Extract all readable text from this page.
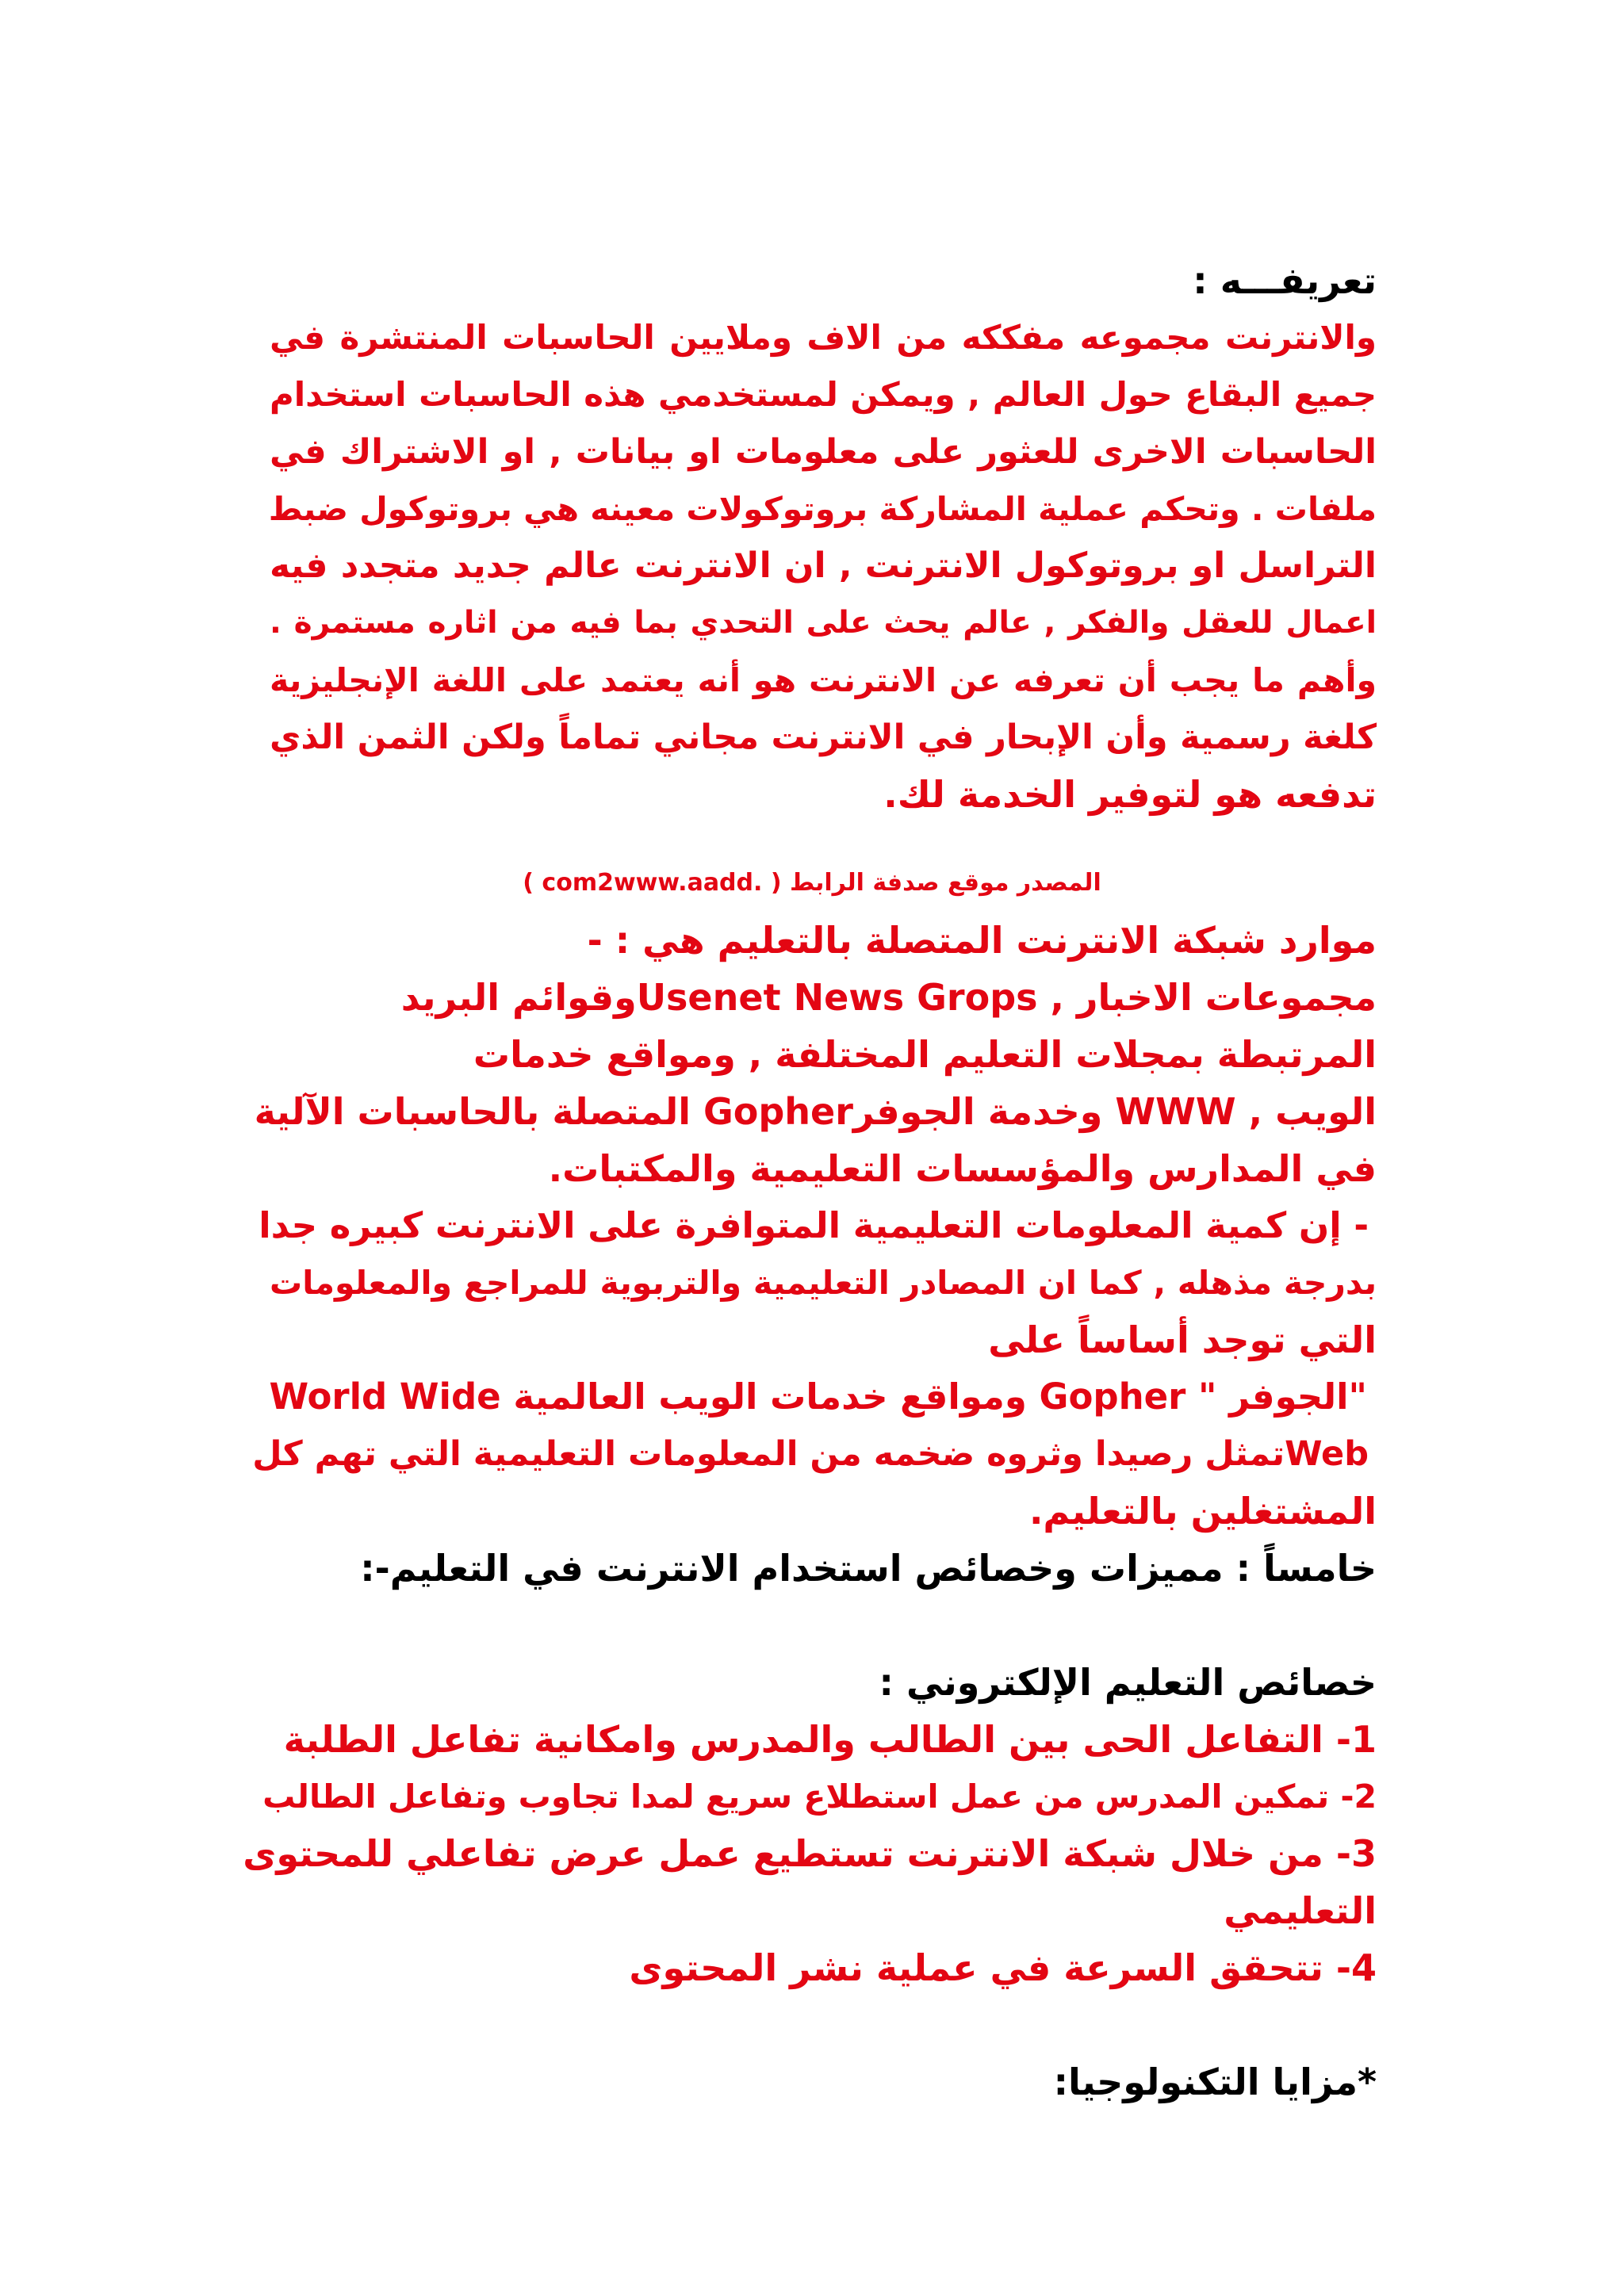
تعريفـــه :
والانترنت مجموعه مفككه من الاف وملايين الحاسبات المنتشرة في
جميع البقاع حول العالم , ويمكن لمستخدمي هذه الحاسبات استخدام
الحاسبات الاخرى للعثور على معلومات او بيانات , او الاشتراك في
ملفات . وتحكم عملية المشاركة بروتوكولات معينه هي بروتوكول ضبط
التراسل او بروتوكول الانترنت , ان الانترنت عالم جديد متجدد فيه
اعمال للعقل والفكر , عالم يحث على التحدي بما فيه من اثاره مستمرة .
وأهم ما يجب أن تعرفه عن الانترنت هو أنه يعتمد على اللغة الإنجليزية
كلغة رسمية وأن الإبحار في الانترنت مجاني تماماً ولكن الثمن الذي
تدفعه هو لتوفير الخدمة لك.
المصدر موقع صدفة الرابط ( .com2www.aadd )
موارد شبكة الانترنت المتصلة بالتعليم هي : -
مجموعات الاخبار , Usenet News Gropsوقوائم البريد
المرتبطة بمجلات التعليم المختلفة , ومواقع خدمات
الويب , WWW وخدمة الجوفرGopher المتصلة بالحاسبات الآلية
في المدارس والمؤسسات التعليمية والمكتبات.
- إن كمية المعلومات التعليمية المتوافرة على الانترنت كبيره جدا
بدرجة مذهله , كما ان المصادر التعليمية والتربوية للمراجع والمعلومات
التي توجد أساساً على
"الجوفر " Gopher ومواقع خدمات الويب العالمية World Wide
Webتمثل رصيدا وثروه ضخمه من المعلومات التعليمية التي تهم كل
المشتغلين بالتعليم.
خامساً : مميزات وخصائص استخدام الانترنت في التعليم-:
خصائص التعليم الإلكتروني :
1- التفاعل الحى بين الطالب والمدرس وامكانية تفاعل الطلبة
2- تمكين المدرس من عمل استطلاع سريع لمدا تجاوب وتفاعل الطالب
3- من خلال شبكة الانترنت تستطيع عمل عرض تفاعلي للمحتوى
التعليمي
4- تتحقق السرعة في عملية نشر المحتوى
*مزايا التكنولوجيا:
